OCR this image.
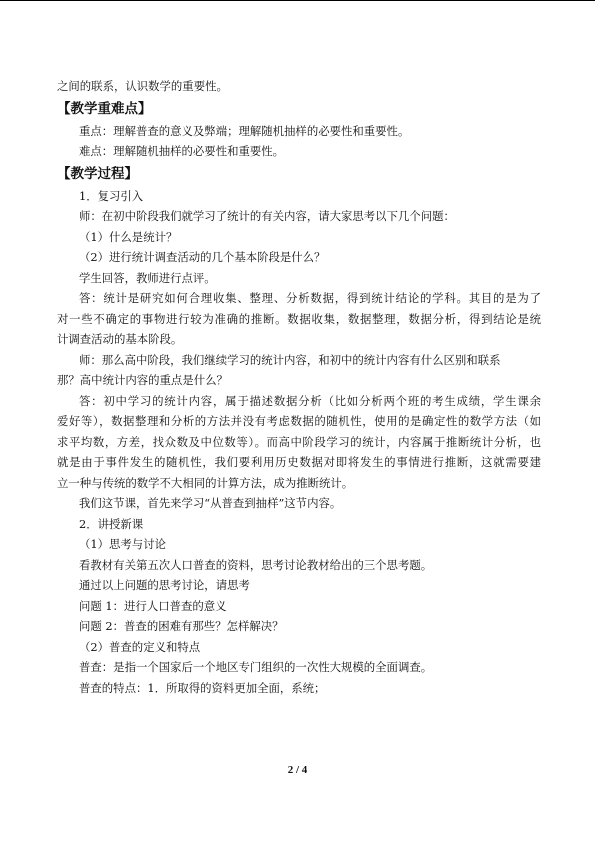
之间的联系，认识数学的重要性。
【教学重难点】
重点：理解普查的意义及弊端；理解随机抽样的必要性和重要性。
难点：理解随机抽样的必要性和重要性。
【教学过程】
1．复习引入
师：在初中阶段我们就学习了统计的有关内容，请大家思考以下几个问题：
（1）什么是统计？
（2）进行统计调查活动的几个基本阶段是什么？
学生回答，教师进行点评。
答：统计是研究如何合理收集、整理、分析数据，得到统计结论的学科。其目的是为了
对一些不确定的事物进行较为准确的推断。数据收集，数据整理，数据分析，得到结论是统
计调查活动的基本阶段。
师：那么高中阶段，我们继续学习的统计内容，和初中的统计内容有什么区别和联系
那？高中统计内容的重点是什么？
答：初中学习的统计内容，属于描述数据分析（比如分析两个班的考生成绩，学生课余
爱好等），数据整理和分析的方法并没有考虑数据的随机性，使用的是确定性的数学方法（如
求平均数，方差，找众数及中位数等）。而高中阶段学习的统计，内容属于推断统计分析，也
就是由于事件发生的随机性，我们要利用历史数据对即将发生的事情进行推断，这就需要建
立一种与传统的数学不大相同的计算方法，成为推断统计。
我们这节课，首先来学习“从普查到抽样”这节内容。
2．讲授新课
（1）思考与讨论
看教材有关第五次人口普查的资料，思考讨论教材给出的三个思考题。
通过以上问题的思考讨论，请思考
问题 1：进行人口普查的意义
问题 2：普查的困难有那些？怎样解决？
（2）普查的定义和特点
普查：是指一个国家后一个地区专门组织的一次性大规模的全面调查。
普查的特点：1．所取得的资料更加全面，系统；
2 / 4
